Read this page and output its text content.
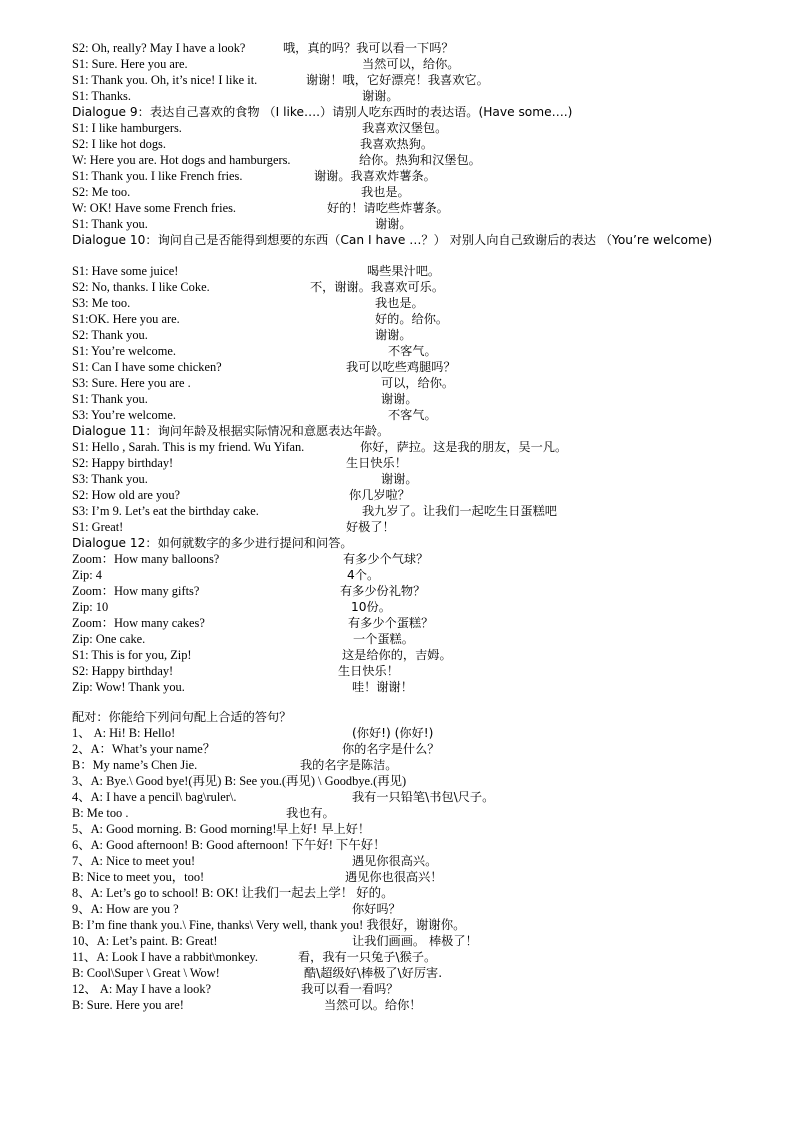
S2: Oh, really? May I have a look?	哦，真的吗？我可以看一下吗？
S1: Sure. Here you are.	当然可以，给你。
S1: Thank you. Oh, it’s nice! I like it.	谢谢！哦，它好漂亮！我喜欢它。
S1: Thanks.	谢谢。
Dialogue 9：表达自己喜欢的食物 （I like….）请别人吃东西时的表达语。(Have some….)
S1: I like hamburgers.	我喜欢汉堡包。
S2: I like hot dogs.	我喜欢热狗。
W: Here you are. Hot dogs and hamburgers.	给你。热狗和汉堡包。
S1: Thank you. I like French fries.	谢谢。我喜欢炸薯条。
S2: Me too.	我也是。
W: OK! Have some French fries.	好的！请吃些炸薯条。
S1: Thank you.	谢谢。
Dialogue 10：询问自己是否能得到想要的东西（Can I have …？） 对别人向自己致谢后的表达 （You’re welcome)
S1: Have some juice!	喝些果汁吧。
S2: No, thanks. I like Coke.	不，谢谢。我喜欢可乐。
S3: Me too.	我也是。
S1:OK. Here you are.	好的。给你。
S2: Thank you.	谢谢。
S1: You’re welcome.	不客气。
S1: Can I have some chicken?	我可以吃些鸡腿吗？
S3: Sure. Here you are .	可以，给你。
S1: Thank you.	谢谢。
S3: You’re welcome.	不客气。
Dialogue 11：询问年龄及根据实际情况和意愿表达年龄。
S1: Hello , Sarah. This is my friend. Wu Yifan.	你好，萨拉。这是我的朋友，吴一凡。
S2: Happy birthday!	生日快乐！
S3: Thank you.	谢谢。
S2: How old are you?	你几岁啦？
S3: I’m 9. Let’s eat the birthday cake.	我九岁了。让我们一起吃生日蛋糕吧
S1: Great!	好极了！
Dialogue 12：如何就数字的多少进行提问和问答。
Zoom：How many balloons?	有多少个气球？
Zip: 4	4个。
Zoom：How many gifts?	有多少份礼物？
Zip: 10	10份。
Zoom：How many cakes?	有多少个蛋糕？
Zip: One cake.	一个蛋糕。
S1: This is for you, Zip!	这是给你的，吉姆。
S2: Happy birthday!	生日快乐！
Zip: Wow! Thank you.	哇！谢谢！
配对：你能给下列问句配上合适的答句？
1、 A: Hi! B: Hello!	(你好!) (你好!)
2、A：What’s your name？	你的名字是什么？
B：My name’s Chen Jie.	我的名字是陈洁。
3、A: Bye.\ Good bye!(再见) B: See you.(再见) \ Goodbye.(再见)
4、A: I have a pencil\ bag\ruler\.	我有一只铅笔\书包\尺子。
B: Me too .	我也有。
5、A: Good morning. B: Good morning! 早上好! 早上好！
6、A: Good afternoon! B: Good afternoon! 下午好! 下午好！
7、A: Nice to meet you!	遇见你很高兴。
B: Nice to meet you，too!	遇见你也很高兴！
8、A: Let’s go to school! B: OK! 让我们一起去上学！ 好的。
9、A: How are you ?	你好吗？
B: I’m fine thank you.\ Fine, thanks\ Very well, thank you! 我很好，谢谢你。
10、A: Let’s paint. B: Great!	让我们画画。 棒极了！
11、A: Look I have a rabbit\monkey.	看，我有一只兔子\猴子。
B: Cool\Super \ Great \ Wow!	酷\超级好\棒极了\好厉害.
12、 A: May I have a look?	我可以看一看吗？
B: Sure. Here you are!	当然可以。给你！
